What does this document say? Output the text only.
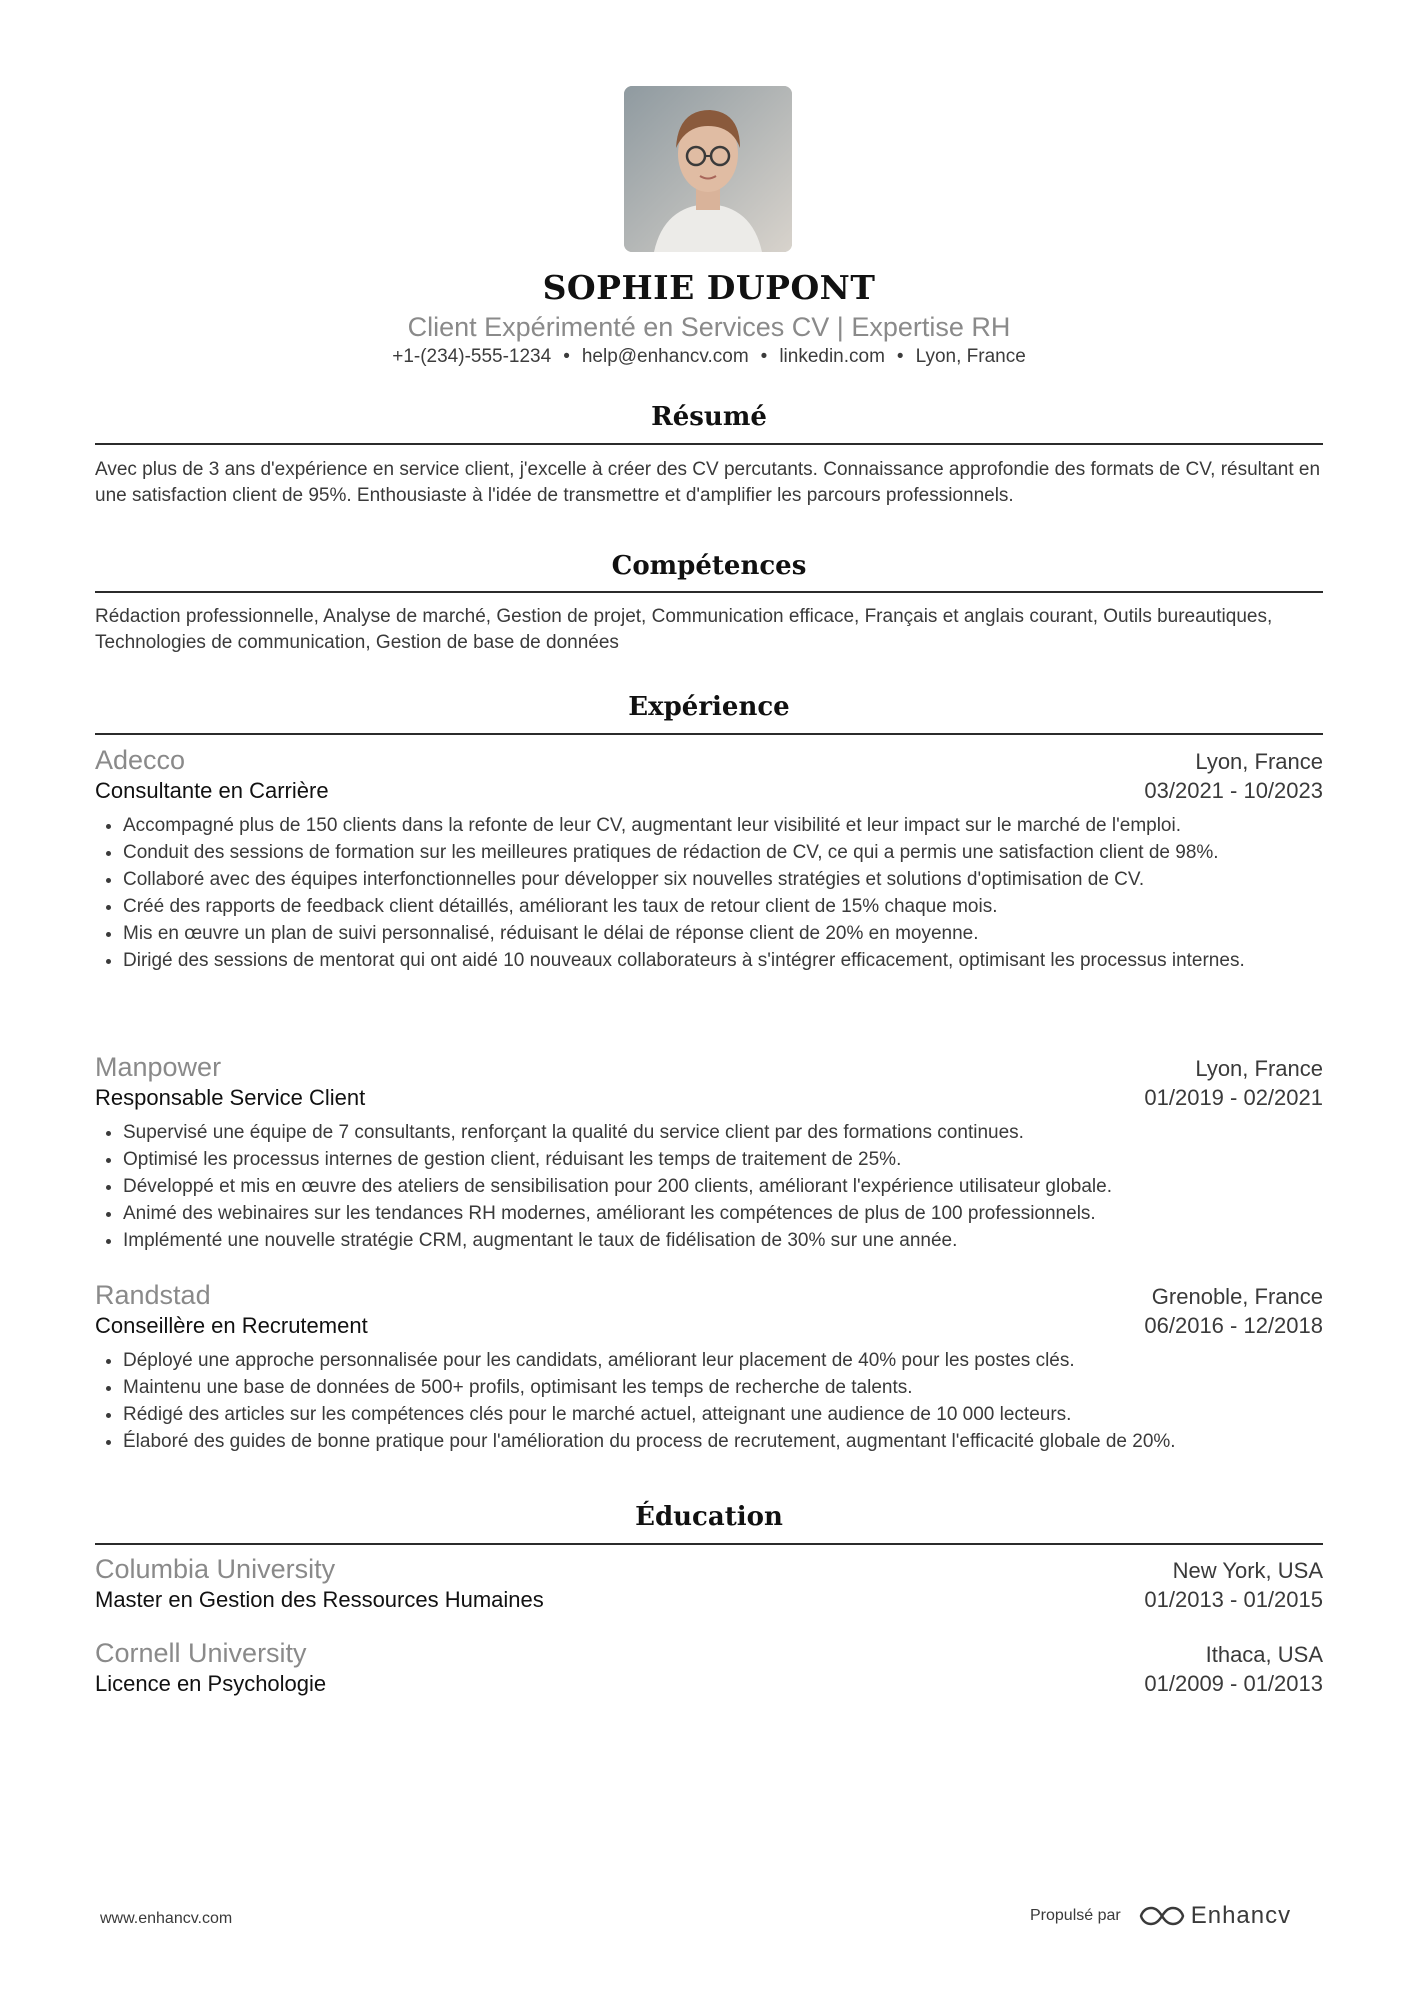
SOPHIE DUPONT
Client Expérimenté en Services CV | Expertise RH
+1-(234)-555-1234 • help@enhancv.com • linkedin.com • Lyon, France
Résumé
Avec plus de 3 ans d'expérience en service client, j'excelle à créer des CV percutants. Connaissance approfondie des formats de CV, résultant en une satisfaction client de 95%. Enthousiaste à l'idée de transmettre et d'amplifier les parcours professionnels.
Compétences
Rédaction professionnelle, Analyse de marché, Gestion de projet, Communication efficace, Français et anglais courant, Outils bureautiques, Technologies de communication, Gestion de base de données
Expérience
Adecco	Lyon, France
Consultante en Carrière	03/2021 - 10/2023
• Accompagné plus de 150 clients dans la refonte de leur CV, augmentant leur visibilité et leur impact sur le marché de l'emploi.
• Conduit des sessions de formation sur les meilleures pratiques de rédaction de CV, ce qui a permis une satisfaction client de 98%.
• Collaboré avec des équipes interfonctionnelles pour développer six nouvelles stratégies et solutions d'optimisation de CV.
• Créé des rapports de feedback client détaillés, améliorant les taux de retour client de 15% chaque mois.
• Mis en œuvre un plan de suivi personnalisé, réduisant le délai de réponse client de 20% en moyenne.
• Dirigé des sessions de mentorat qui ont aidé 10 nouveaux collaborateurs à s'intégrer efficacement, optimisant les processus internes.
Manpower	Lyon, France
Responsable Service Client	01/2019 - 02/2021
• Supervisé une équipe de 7 consultants, renforçant la qualité du service client par des formations continues.
• Optimisé les processus internes de gestion client, réduisant les temps de traitement de 25%.
• Développé et mis en œuvre des ateliers de sensibilisation pour 200 clients, améliorant l'expérience utilisateur globale.
• Animé des webinaires sur les tendances RH modernes, améliorant les compétences de plus de 100 professionnels.
• Implémenté une nouvelle stratégie CRM, augmentant le taux de fidélisation de 30% sur une année.
Randstad	Grenoble, France
Conseillère en Recrutement	06/2016 - 12/2018
• Déployé une approche personnalisée pour les candidats, améliorant leur placement de 40% pour les postes clés.
• Maintenu une base de données de 500+ profils, optimisant les temps de recherche de talents.
• Rédigé des articles sur les compétences clés pour le marché actuel, atteignant une audience de 10 000 lecteurs.
• Élaboré des guides de bonne pratique pour l'amélioration du process de recrutement, augmentant l'efficacité globale de 20%.
Éducation
Columbia University	New York, USA
Master en Gestion des Ressources Humaines	01/2013 - 01/2015
Cornell University	Ithaca, USA
Licence en Psychologie	01/2009 - 01/2013
www.enhancv.com	Propulsé par	Enhancv
